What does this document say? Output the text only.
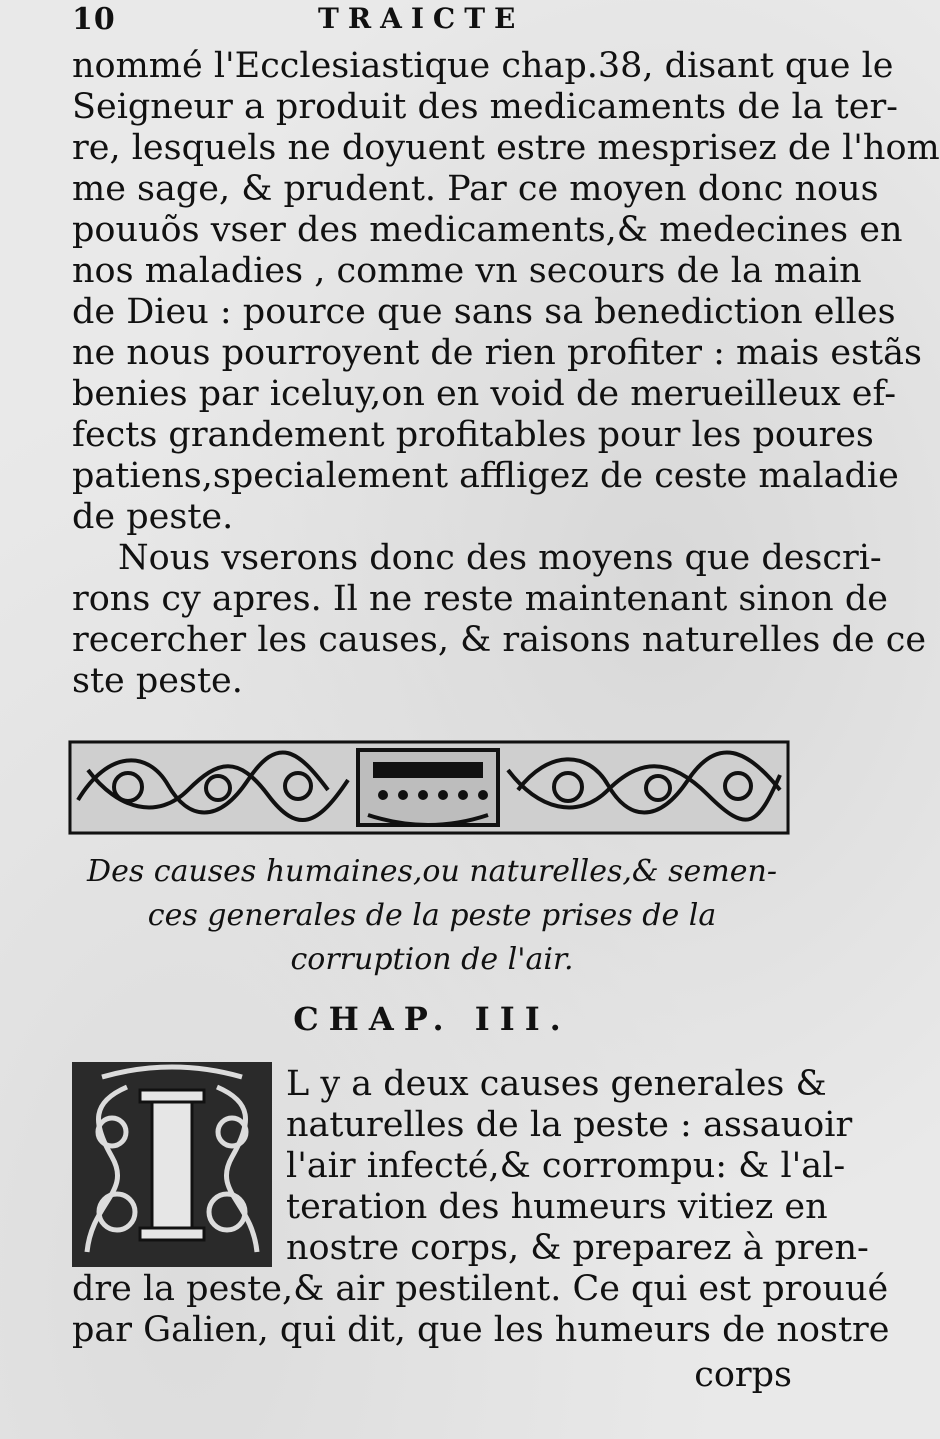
10	TRAICTE
nommé l'Ecclesiastique chap.38, disant que le
Seigneur a produit des medicaments de la ter-
re, lesquels ne doyuent estre mesprisez de l'hom
me sage, & prudent. Par ce moyen donc nous
pouuõs vser des medicaments,& medecines en
nos maladies , comme vn secours de la main
de Dieu : pource que sans sa benediction elles
ne nous pourroyent de rien profiter : mais estãs
benies par iceluy,on en void de merueilleux ef-
fects grandement profitables pour les poures
patiens,specialement affligez de ceste maladie
de peste.
Nous vserons donc des moyens que descri-
rons cy apres. Il ne reste maintenant sinon de
recercher les causes, & raisons naturelles de ce
ste peste.
Des causes humaines,ou naturelles,& semen-
ces generales de la peste prises de la
corruption de l'air.
CHAP. III.
L y a deux causes generales &
naturelles de la peste : assauoir
l'air infecté,& corrompu: & l'al-
teration des humeurs vitiez en
nostre corps, & preparez à pren-
dre la peste,& air pestilent. Ce qui est prouué
par Galien, qui dit, que les humeurs de nostre
corps
